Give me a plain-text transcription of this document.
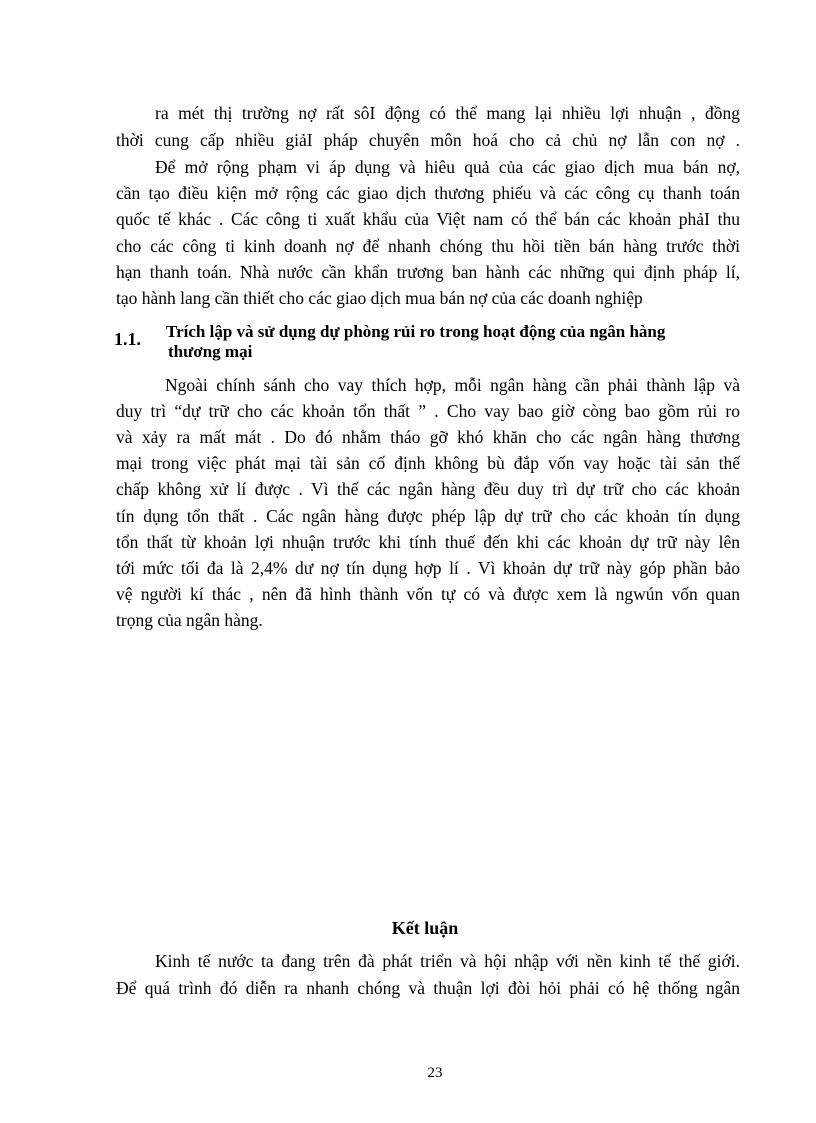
ra mét thị trường nợ rất sôI động có thể mang lại nhiều lợi nhuận , đồng
thời cung cấp nhiều giảI pháp chuyên môn hoá cho cả chủ nợ lẫn con nợ .
Để mở rộng phạm vi áp dụng và hiêu quả của các giao dịch mua bán nợ,
cần tạo điều kiện mở rộng các giao dịch thương phiếu và các công cụ thanh toán
quốc tế khác . Các công ti xuất khẩu của Việt nam có thể bán các khoản phảI thu
cho các công ti kinh doanh nợ để nhanh chóng thu hồi tiền bán hàng trước thời
hạn thanh toán. Nhà nước cần khẩn trương ban hành các những qui định pháp lí,
tạo hành lang cần thiết cho các giao dịch mua bán nợ của các doanh nghiệp
1.1. Trích lập và sử dụng dự phòng rủi ro trong hoạt động của ngân hàng
thương mại
Ngoài chính sánh cho vay thích hợp, mỗi ngân hàng cần phải thành lập và
duy trì “dự trữ cho các khoản tổn thất ” . Cho vay bao giờ còng bao gồm rủi ro
và xảy ra mất mát . Do đó nhằm tháo gỡ khó khăn cho các ngân hàng thương
mại trong việc phát mại tài sản cố định không bù đắp vốn vay hoặc tài sản thế
chấp không xử lí được . Vì thế các ngân hàng đều duy trì dự trữ cho các khoản
tín dụng tổn thất . Các ngân hàng được phép lập dự trữ cho các khoản tín dụng
tổn thất từ khoản lợi nhuận trước khi tính thuế đến khi các khoản dự trữ này lên
tới mức tối đa là 2,4% dư nợ tín dụng hợp lí . Vì khoản dự trữ này góp phần bảo
vệ người kí thác , nên đã hình thành vốn tự có và được xem là ngwún vốn quan
trọng của ngân hàng.
Kết luận
Kinh tế nước ta đang trên đà phát triển và hội nhập với nền kinh tế thế giới.
Để quá trình đó diễn ra nhanh chóng và thuận lợi đòi hỏi phải có hệ thống ngân
23
